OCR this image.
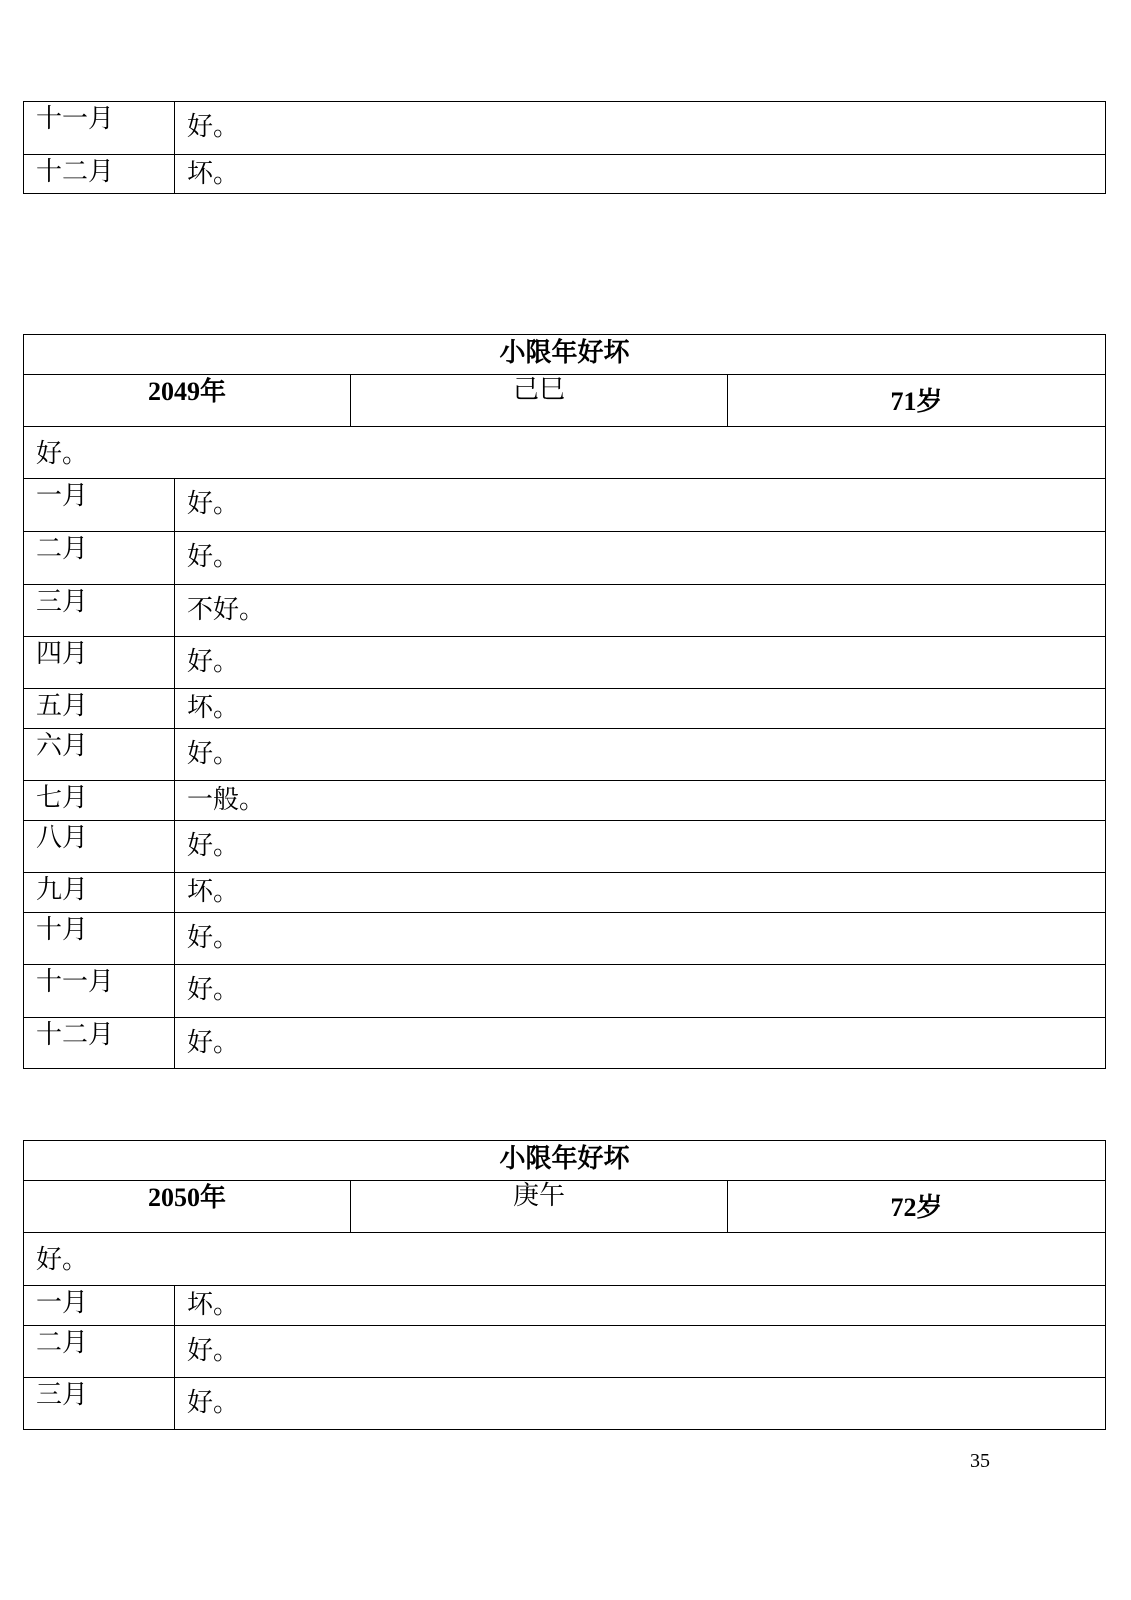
十一月	好。
十二月	坏。
小限年好坏
2049年	己巳	71岁
好。
一月	好。
二月	好。
三月	不好。
四月	好。
五月	坏。
六月	好。
七月	一般。
八月	好。
九月	坏。
十月	好。
十一月	好。
十二月	好。
小限年好坏
2050年	庚午	72岁
好。
一月	坏。
二月	好。
三月	好。
35
